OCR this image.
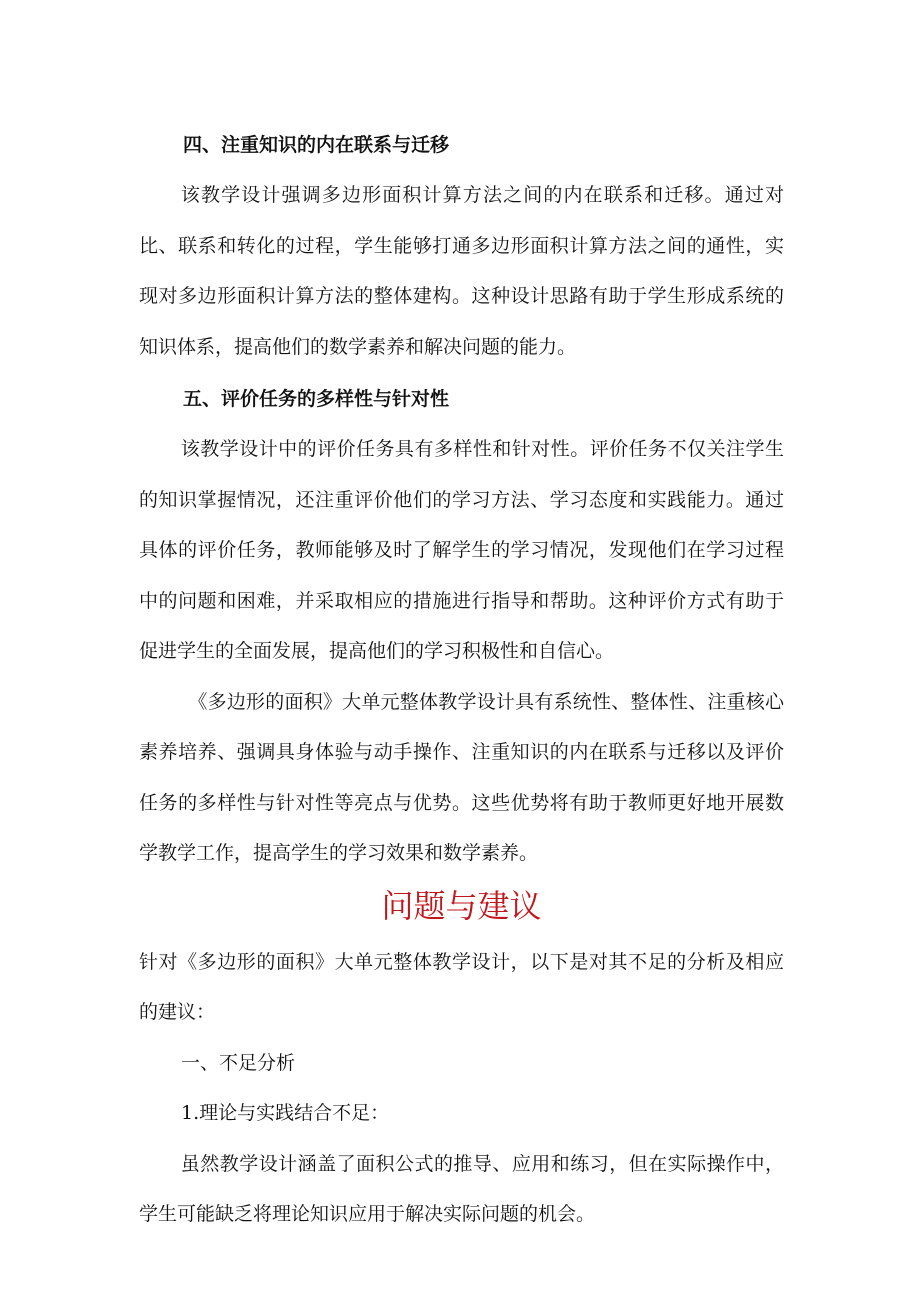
四、注重知识的内在联系与迁移

该教学设计强调多边形面积计算方法之间的内在联系和迁移。通过对比、联系和转化的过程，学生能够打通多边形面积计算方法之间的通性，实现对多边形面积计算方法的整体建构。这种设计思路有助于学生形成系统的知识体系，提高他们的数学素养和解决问题的能力。

五、评价任务的多样性与针对性

该教学设计中的评价任务具有多样性和针对性。评价任务不仅关注学生的知识掌握情况，还注重评价他们的学习方法、学习态度和实践能力。通过具体的评价任务，教师能够及时了解学生的学习情况，发现他们在学习过程中的问题和困难，并采取相应的措施进行指导和帮助。这种评价方式有助于促进学生的全面发展，提高他们的学习积极性和自信心。

《多边形的面积》大单元整体教学设计具有系统性、整体性、注重核心素养培养、强调具身体验与动手操作、注重知识的内在联系与迁移以及评价任务的多样性与针对性等亮点与优势。这些优势将有助于教师更好地开展数学教学工作，提高学生的学习效果和数学素养。

问题与建议

针对《多边形的面积》大单元整体教学设计，以下是对其不足的分析及相应的建议：

一、不足分析
1.理论与实践结合不足：

虽然教学设计涵盖了面积公式的推导、应用和练习，但在实际操作中，学生可能缺乏将理论知识应用于解决实际问题的机会。
